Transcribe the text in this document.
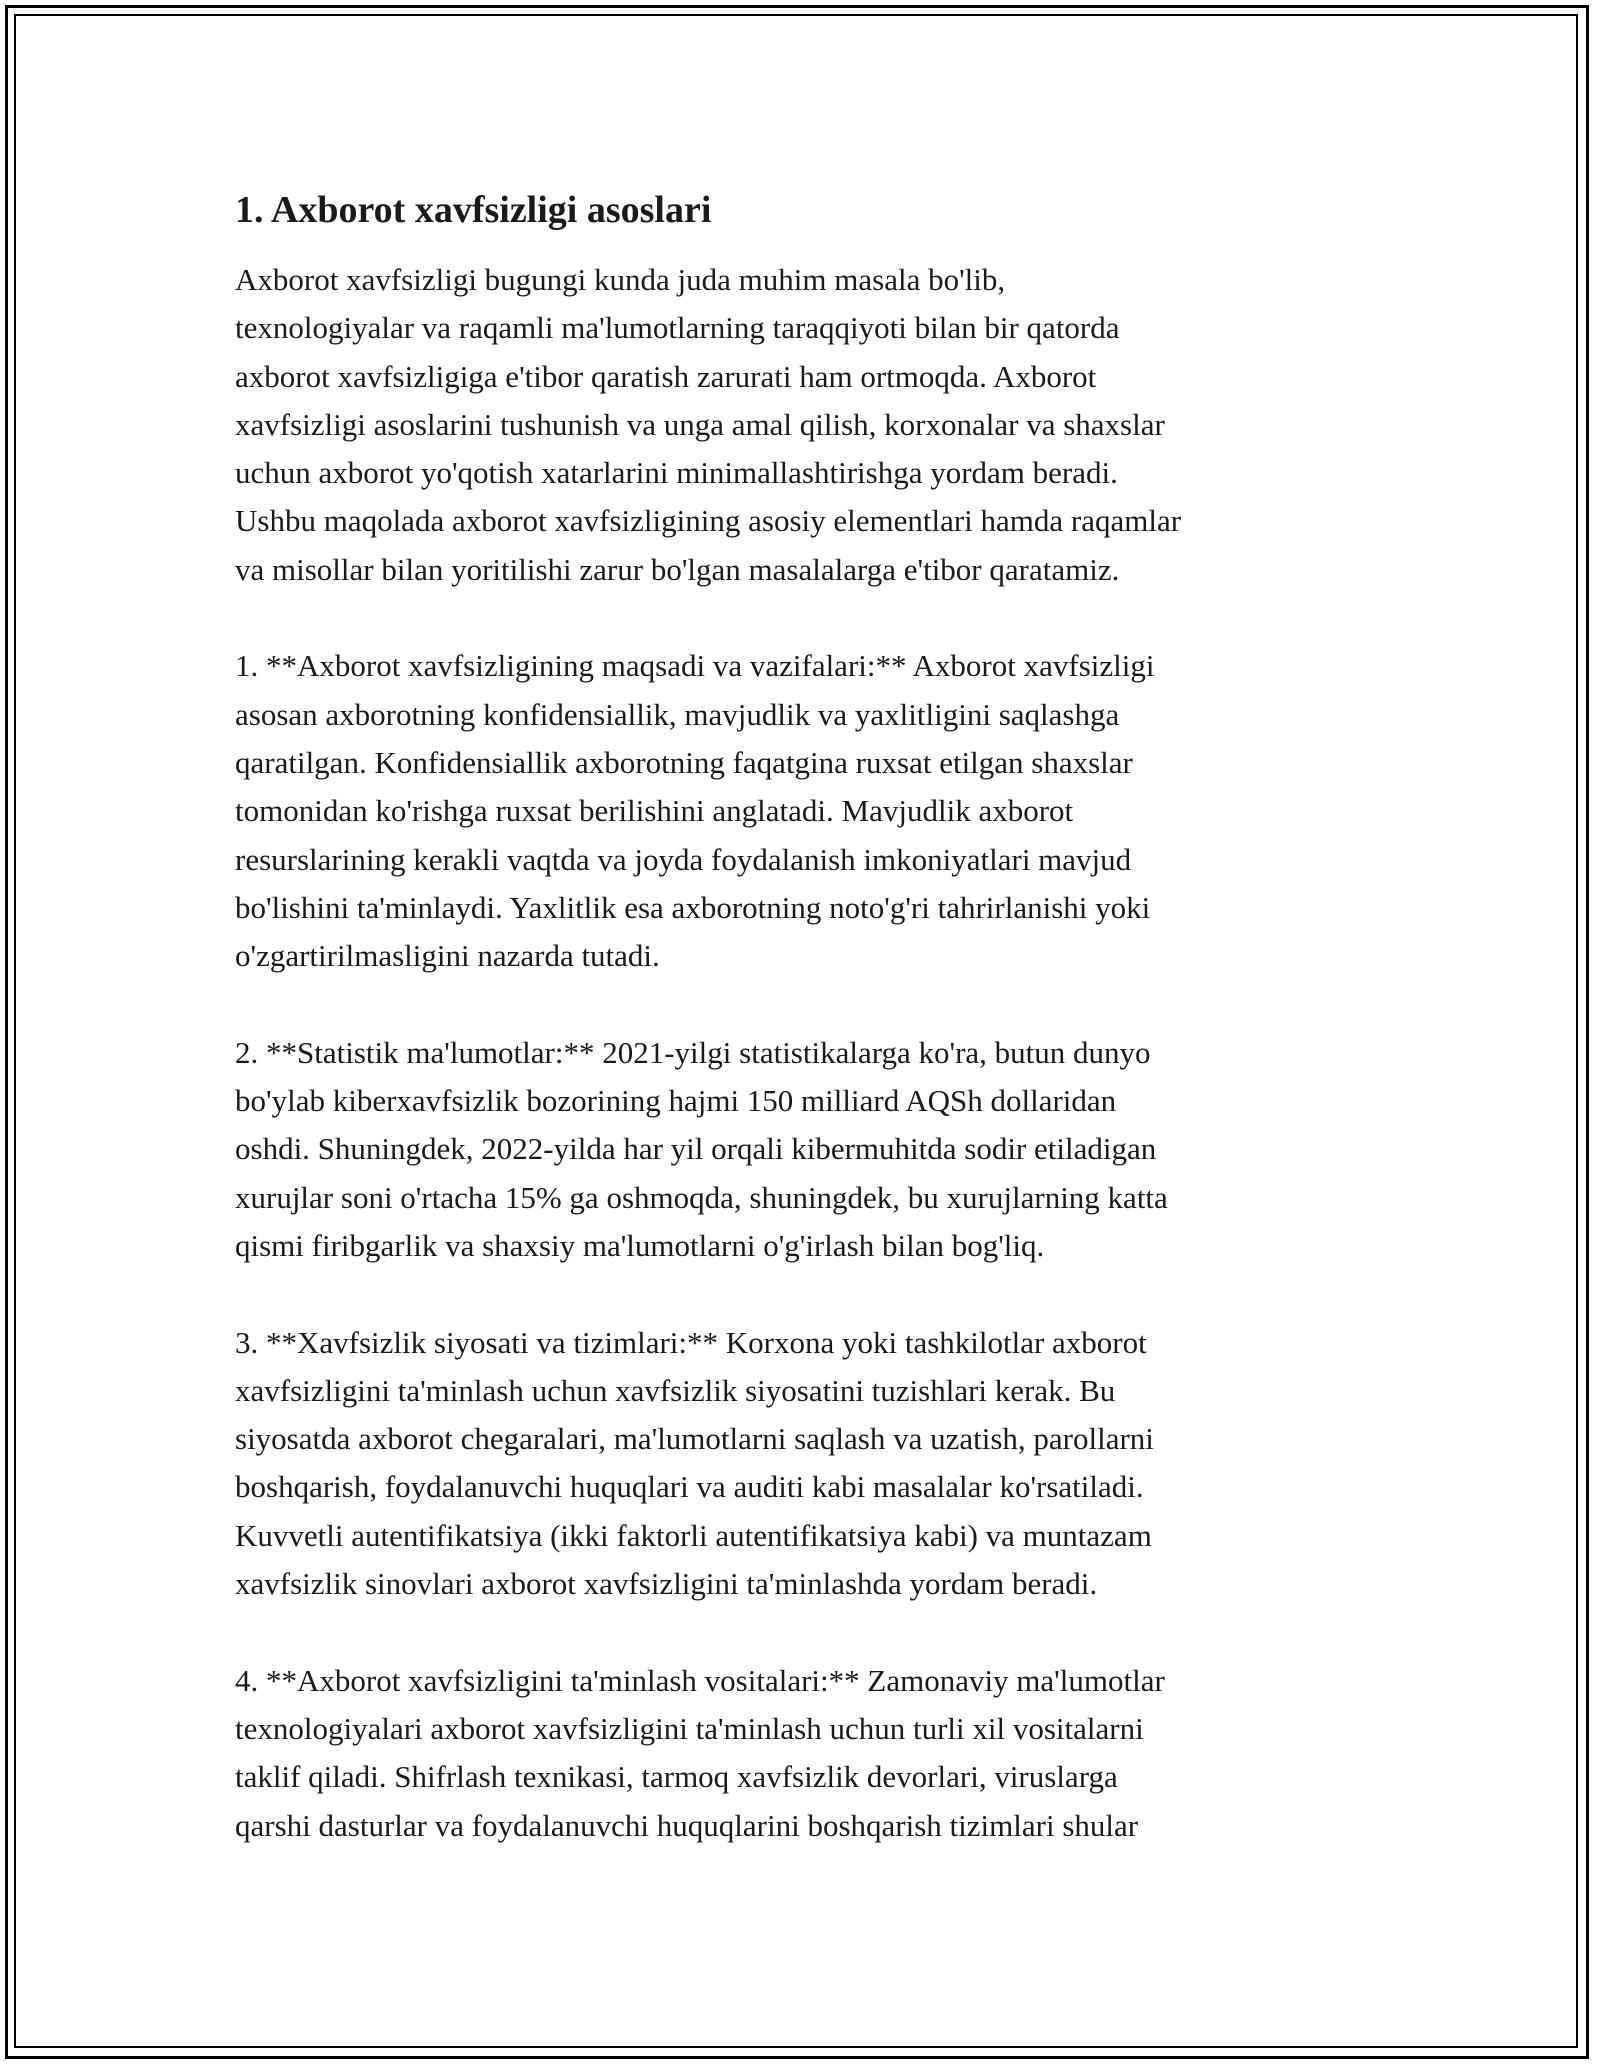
1. Axborot xavfsizligi asoslari

Axborot xavfsizligi bugungi kunda juda muhim masala bo'lib,
texnologiyalar va raqamli ma'lumotlarning taraqqiyoti bilan bir qatorda
axborot xavfsizligiga e'tibor qaratish zarurati ham ortmoqda. Axborot
xavfsizligi asoslarini tushunish va unga amal qilish, korxonalar va shaxslar
uchun axborot yo'qotish xatarlarini minimallashtirishga yordam beradi.
Ushbu maqolada axborot xavfsizligining asosiy elementlari hamda raqamlar
va misollar bilan yoritilishi zarur bo'lgan masalalarga e'tibor qaratamiz.

1. **Axborot xavfsizligining maqsadi va vazifalari:** Axborot xavfsizligi
asosan axborotning konfidensiallik, mavjudlik va yaxlitligini saqlashga
qaratilgan. Konfidensiallik axborotning faqatgina ruxsat etilgan shaxslar
tomonidan ko'rishga ruxsat berilishini anglatadi. Mavjudlik axborot
resurslarining kerakli vaqtda va joyda foydalanish imkoniyatlari mavjud
bo'lishini ta'minlaydi. Yaxlitlik esa axborotning noto'g'ri tahrirlanishi yoki
o'zgartirilmasligini nazarda tutadi.

2. **Statistik ma'lumotlar:** 2021-yilgi statistikalarga ko'ra, butun dunyo
bo'ylab kiberxavfsizlik bozorining hajmi 150 milliard AQSh dollaridan
oshdi. Shuningdek, 2022-yilda har yil orqali kibermuhitda sodir etiladigan
xurujlar soni o'rtacha 15% ga oshmoqda, shuningdek, bu xurujlarning katta
qismi firibgarlik va shaxsiy ma'lumotlarni o'g'irlash bilan bog'liq.

3. **Xavfsizlik siyosati va tizimlari:** Korxona yoki tashkilotlar axborot
xavfsizligini ta'minlash uchun xavfsizlik siyosatini tuzishlari kerak. Bu
siyosatda axborot chegaralari, ma'lumotlarni saqlash va uzatish, parollarni
boshqarish, foydalanuvchi huquqlari va auditi kabi masalalar ko'rsatiladi.
Kuvvetli autentifikatsiya (ikki faktorli autentifikatsiya kabi) va muntazam
xavfsizlik sinovlari axborot xavfsizligini ta'minlashda yordam beradi.

4. **Axborot xavfsizligini ta'minlash vositalari:** Zamonaviy ma'lumotlar
texnologiyalari axborot xavfsizligini ta'minlash uchun turli xil vositalarni
taklif qiladi. Shifrlash texnikasi, tarmoq xavfsizlik devorlari, viruslarga
qarshi dasturlar va foydalanuvchi huquqlarini boshqarish tizimlari shular
